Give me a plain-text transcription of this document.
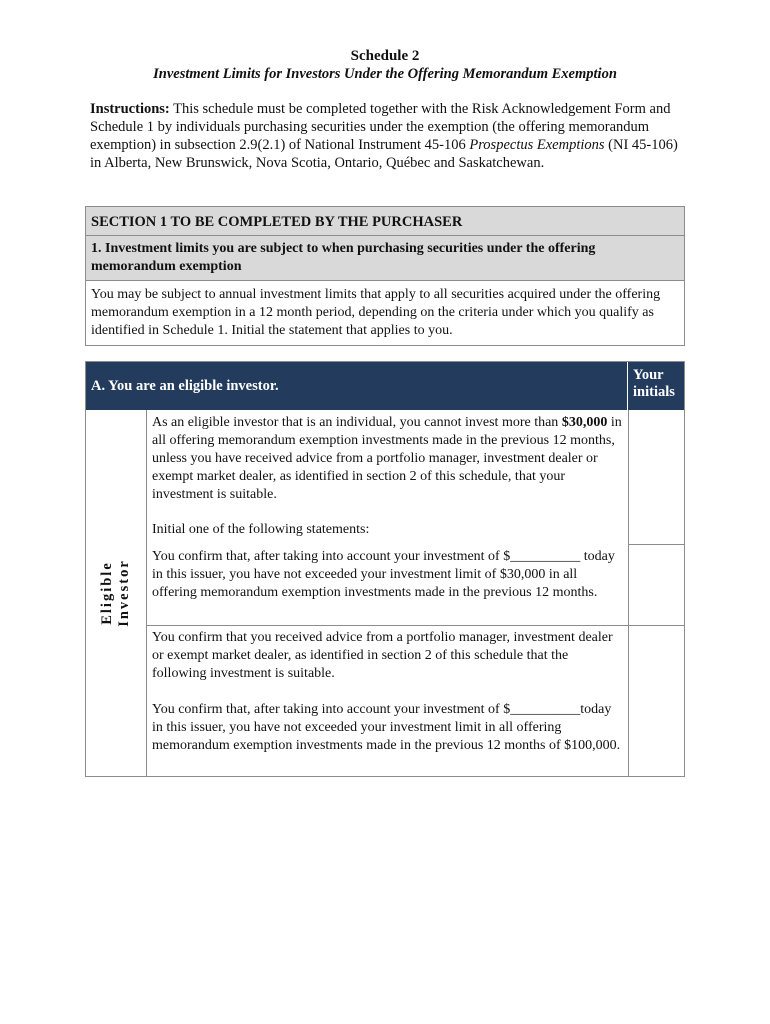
Schedule 2
Investment Limits for Investors Under the Offering Memorandum Exemption
Instructions: This schedule must be completed together with the Risk Acknowledgement Form and Schedule 1 by individuals purchasing securities under the exemption (the offering memorandum exemption) in subsection 2.9(2.1) of National Instrument 45-106 Prospectus Exemptions (NI 45-106) in Alberta, New Brunswick, Nova Scotia, Ontario, Québec and Saskatchewan.
SECTION 1 TO BE COMPLETED BY THE PURCHASER
1. Investment limits you are subject to when purchasing securities under the offering memorandum exemption
You may be subject to annual investment limits that apply to all securities acquired under the offering memorandum exemption in a 12 month period, depending on the criteria under which you qualify as identified in Schedule 1. Initial the statement that applies to you.
A. You are an eligible investor.
Your initials
Eligible
Investor

As an eligible investor that is an individual, you cannot invest more than $30,000 in all offering memorandum exemption investments made in the previous 12 months, unless you have received advice from a portfolio manager, investment dealer or exempt market dealer, as identified in section 2 of this schedule, that your investment is suitable.

Initial one of the following statements:

You confirm that, after taking into account your investment of $__________ today in this issuer, you have not exceeded your investment limit of $30,000 in all offering memorandum exemption investments made in the previous 12 months.

You confirm that you received advice from a portfolio manager, investment dealer or exempt market dealer, as identified in section 2 of this schedule that the following investment is suitable.

You confirm that, after taking into account your investment of $__________today in this issuer, you have not exceeded your investment limit in all offering memorandum exemption investments made in the previous 12 months of $100,000.
